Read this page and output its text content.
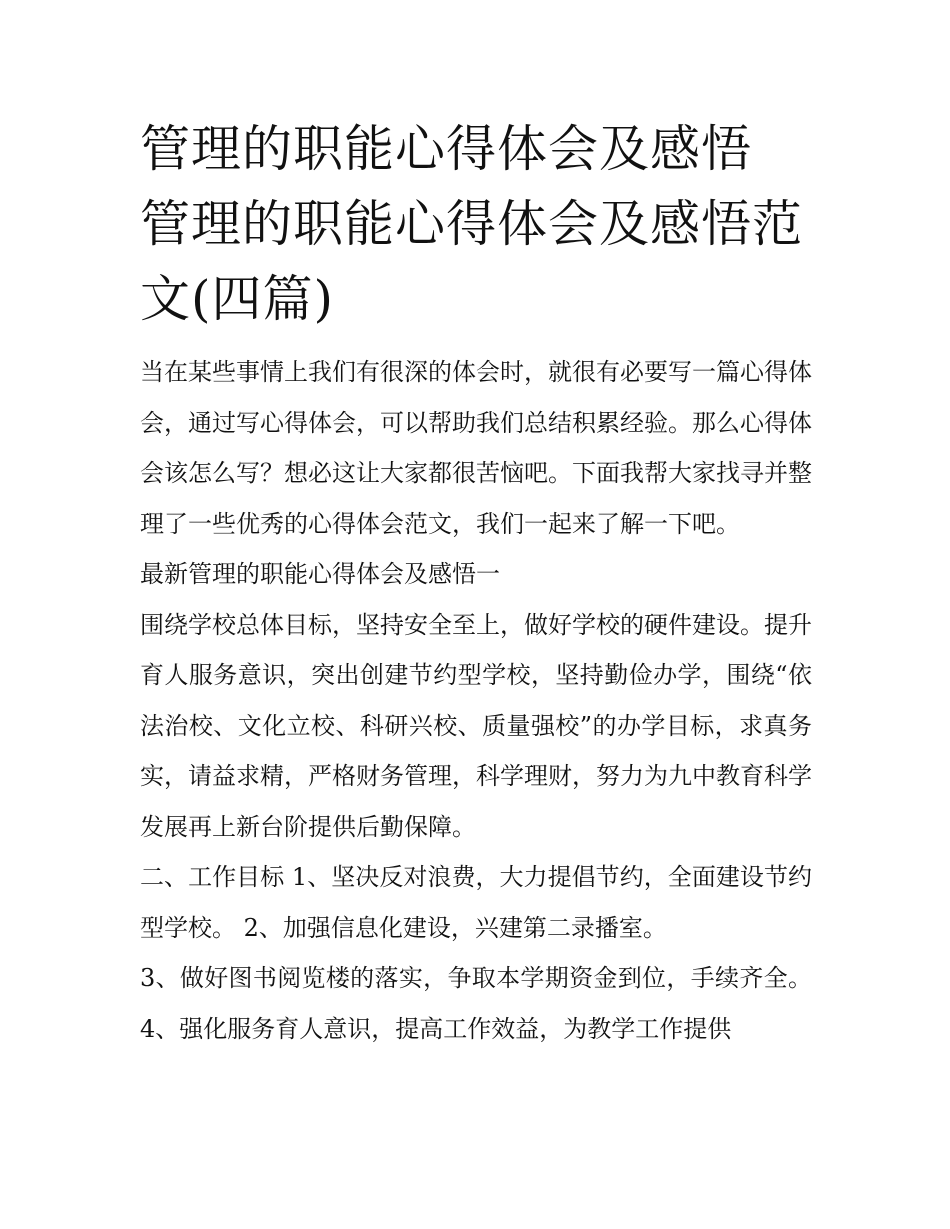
管理的职能心得体会及感悟 管理的职能心得体会及感悟范文(四篇)

当在某些事情上我们有很深的体会时，就很有必要写一篇心得体会，通过写心得体会，可以帮助我们总结积累经验。那么心得体会该怎么写？想必这让大家都很苦恼吧。下面我帮大家找寻并整理了一些优秀的心得体会范文，我们一起来了解一下吧。

最新管理的职能心得体会及感悟一

围绕学校总体目标，坚持安全至上，做好学校的硬件建设。提升育人服务意识，突出创建节约型学校，坚持勤俭办学，围绕“依法治校、文化立校、科研兴校、质量强校”的办学目标，求真务实，请益求精，严格财务管理，科学理财，努力为九中教育科学发展再上新台阶提供后勤保障。

二、工作目标 1、坚决反对浪费，大力提倡节约，全面建设节约型学校。 2、加强信息化建设，兴建第二录播室。

3、做好图书阅览楼的落实，争取本学期资金到位，手续齐全。 4、强化服务育人意识，提高工作效益，为教学工作提供
